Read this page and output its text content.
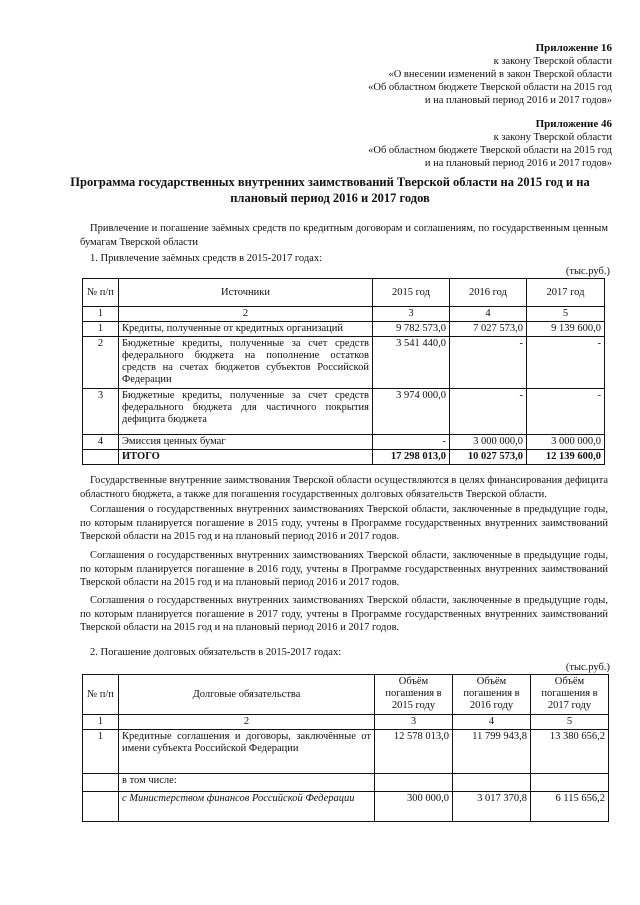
Приложение 16
к закону Тверской области
«О внесении изменений в закон Тверской области
«Об областном бюджете Тверской области на 2015 год
и на плановый период 2016 и 2017 годов»
Приложение 46
к закону Тверской области
«Об областном бюджете Тверской области на 2015 год
и на плановый период 2016 и 2017 годов»
Программа государственных внутренних заимствований Тверской области на 2015 год и на плановый период 2016 и 2017 годов
Привлечение и погашение заёмных средств по кредитным договорам и соглашениям, по государственным ценным бумагам Тверской области
1. Привлечение заёмных средств в 2015-2017 годах:
(тыс.руб.)
№ п/п	Источники	2015 год	2016 год	2017 год
1	2	3	4	5
1	Кредиты, полученные от кредитных организаций	9 782 573,0	7 027 573,0	9 139 600,0
2	Бюджетные кредиты, полученные за счет средств федерального бюджета на пополнение остатков средств на счетах бюджетов субъектов Российской Федерации	3 541 440,0	-	-
3	Бюджетные кредиты, полученные за счет средств федерального бюджета для частичного покрытия дефицита бюджета	3 974 000,0	-	-
4	Эмиссия ценных бумаг	-	3 000 000,0	3 000 000,0
	ИТОГО	17 298 013,0	10 027 573,0	12 139 600,0
Государственные внутренние заимствования Тверской области осуществляются в целях финансирования дефицита областного бюджета, а также для погашения государственных долговых обязательств Тверской области.
Соглашения о государственных внутренних заимствованиях Тверской области, заключенные в предыдущие годы, по которым планируется погашение в 2015 году, учтены в Программе государственных внутренних заимствований Тверской области на 2015 год и на плановый период 2016 и 2017 годов.
Соглашения о государственных внутренних заимствованиях Тверской области, заключенные в предыдущие годы, по которым планируется погашение в 2016 году, учтены в Программе государственных внутренних заимствований Тверской области на 2015 год и на плановый период 2016 и 2017 годов.
Соглашения о государственных внутренних заимствованиях Тверской области, заключенные в предыдущие годы, по которым планируется погашение в 2017 году, учтены в Программе государственных внутренних заимствований Тверской области на 2015 год и на плановый период 2016 и 2017 годов.
2. Погашение долговых обязательств в 2015-2017 годах:
(тыс.руб.)
№ п/п	Долговые обязательства	Объём погашения в 2015 году	Объём погашения в 2016 году	Объём погашения в 2017 году
1	2	3	4	5
1	Кредитные соглашения и договоры, заключённые от имени субъекта Российской Федерации	12 578 013,0	11 799 943,8	13 380 656,2
	в том числе:			
	с Министерством финансов Российской Федерации	300 000,0	3 017 370,8	6 115 656,2
